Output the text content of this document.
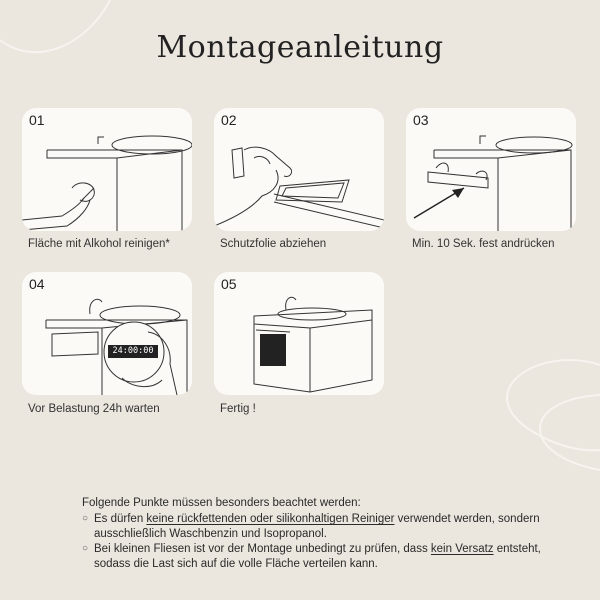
Montageanleitung
01
Fläche mit Alkohol reinigen*
02
Schutzfolie abziehen
03
Min. 10 Sek. fest andrücken
04
24:00:00
Vor Belastung 24h warten
05
Fertig !
Folgende Punkte müssen besonders beachtet werden:
○ Es dürfen keine rückfettenden oder silikonhaltigen Reiniger verwendet werden, sondern ausschließlich Waschbenzin und Isopropanol.
○ Bei kleinen Fliesen ist vor der Montage unbedingt zu prüfen, dass kein Versatz entsteht, sodass die Last sich auf die volle Fläche verteilen kann.
